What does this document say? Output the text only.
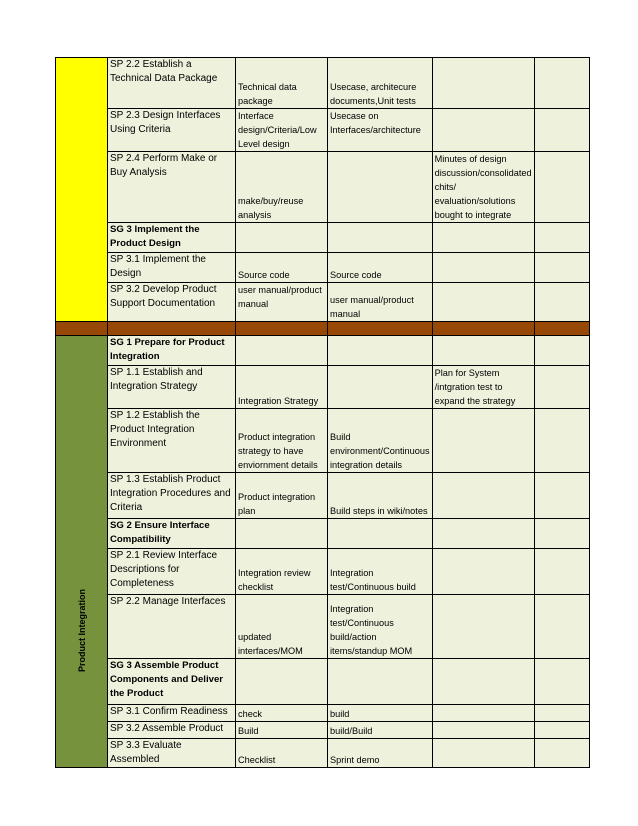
	SP 2.2 Establish a Technical Data Package	Technical data package	Usecase, architecure documents,Unit tests		
	SP 2.3 Design Interfaces Using Criteria	Interface design/Criteria/Low Level design	Usecase on Interfaces/architecture		
	SP 2.4 Perform Make or Buy Analysis	make/buy/reuse analysis		Minutes of design discussion/consolidated chits/ evaluation/solutions bought to integrate	
	SG 3 Implement the Product Design				
	SP 3.1 Implement the Design	Source code	Source code		
	SP 3.2 Develop Product Support Documentation	user manual/product manual	user manual/product manual		

Product Integration	SG 1 Prepare for Product Integration				
	SP 1.1 Establish and Integration Strategy	Integration Strategy		Plan for System /intgration test to expand the strategy	
	SP 1.2 Establish the Product Integration Environment	Product integration strategy to have enviornment details	Build environment/Continuous integration details		
	SP 1.3 Establish Product Integration Procedures and Criteria	Product integration plan	Build steps in wiki/notes		
	SG 2 Ensure Interface Compatibility				
	SP 2.1 Review Interface Descriptions for Completeness	Integration review checklist	Integration test/Continuous build		
	SP 2.2 Manage Interfaces	updated interfaces/MOM	Integration test/Continuous build/action items/standup MOM		
	SG 3 Assemble Product Components and Deliver the Product				
	SP 3.1 Confirm Readiness	check	build		
	SP 3.2 Assemble Product	Build	build/Build		
	SP 3.3 Evaluate Assembled	Checklist	Sprint demo		
